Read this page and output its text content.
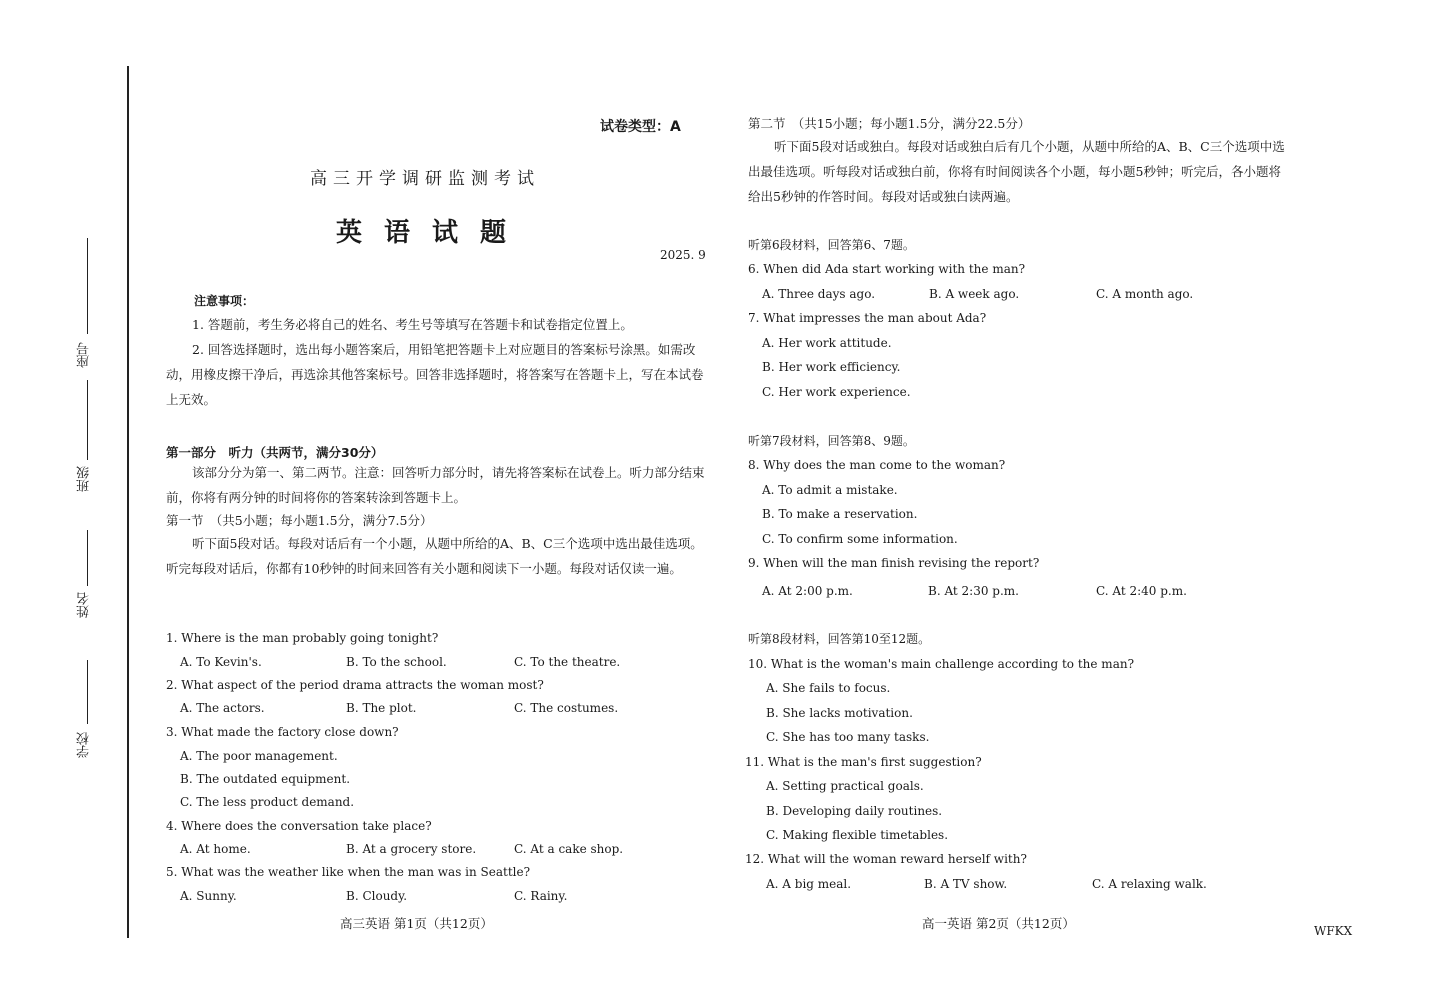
座号
班级
姓名
学校
试卷类型：A
高三开学调研监测考试
英语试题
2025. 9
注意事项：
1. 答题前，考生务必将自己的姓名、考生号等填写在答题卡和试卷指定位置上。
2. 回答选择题时，选出每小题答案后，用铅笔把答题卡上对应题目的答案标号涂黑。如需改动，用橡皮擦干净后，再选涂其他答案标号。回答非选择题时，将答案写在答题卡上，写在本试卷上无效。
第一部分　听力（共两节，满分30分）
该部分分为第一、第二两节。注意：回答听力部分时，请先将答案标在试卷上。听力部分结束前，你将有两分钟的时间将你的答案转涂到答题卡上。
第一节　（共5小题；每小题1.5分，满分7.5分）
听下面5段对话。每段对话后有一个小题，从题中所给的A、B、C三个选项中选出最佳选项。听完每段对话后，你都有10秒钟的时间来回答有关小题和阅读下一小题。每段对话仅读一遍。
1. Where is the man probably going tonight?
A. To Kevin's.	B. To the school.	C. To the theatre.
2. What aspect of the period drama attracts the woman most?
A. The actors.	B. The plot.	C. The costumes.
3. What made the factory close down?
A. The poor management.
B. The outdated equipment.
C. The less product demand.
4. Where does the conversation take place?
A. At home.	B. At a grocery store.	C. At a cake shop.
5. What was the weather like when the man was in Seattle?
A. Sunny.	B. Cloudy.	C. Rainy.
高三英语 第1页（共12页）
第二节　（共15小题；每小题1.5分，满分22.5分）
听下面5段对话或独白。每段对话或独白后有几个小题，从题中所给的A、B、C三个选项中选出最佳选项。听每段对话或独白前，你将有时间阅读各个小题，每小题5秒钟；听完后，各小题将给出5秒钟的作答时间。每段对话或独白读两遍。
听第6段材料，回答第6、7题。
6. When did Ada start working with the man?
A. Three days ago.	B. A week ago.	C. A month ago.
7. What impresses the man about Ada?
A. Her work attitude.
B. Her work efficiency.
C. Her work experience.
听第7段材料，回答第8、9题。
8. Why does the man come to the woman?
A. To admit a mistake.
B. To make a reservation.
C. To confirm some information.
9. When will the man finish revising the report?
A. At 2:00 p.m.	B. At 2:30 p.m.	C. At 2:40 p.m.
听第8段材料，回答第10至12题。
10. What is the woman's main challenge according to the man?
A. She fails to focus.
B. She lacks motivation.
C. She has too many tasks.
11. What is the man's first suggestion?
A. Setting practical goals.
B. Developing daily routines.
C. Making flexible timetables.
12. What will the woman reward herself with?
A. A big meal.	B. A TV show.	C. A relaxing walk.
高一英语 第2页（共12页）	WFKX
